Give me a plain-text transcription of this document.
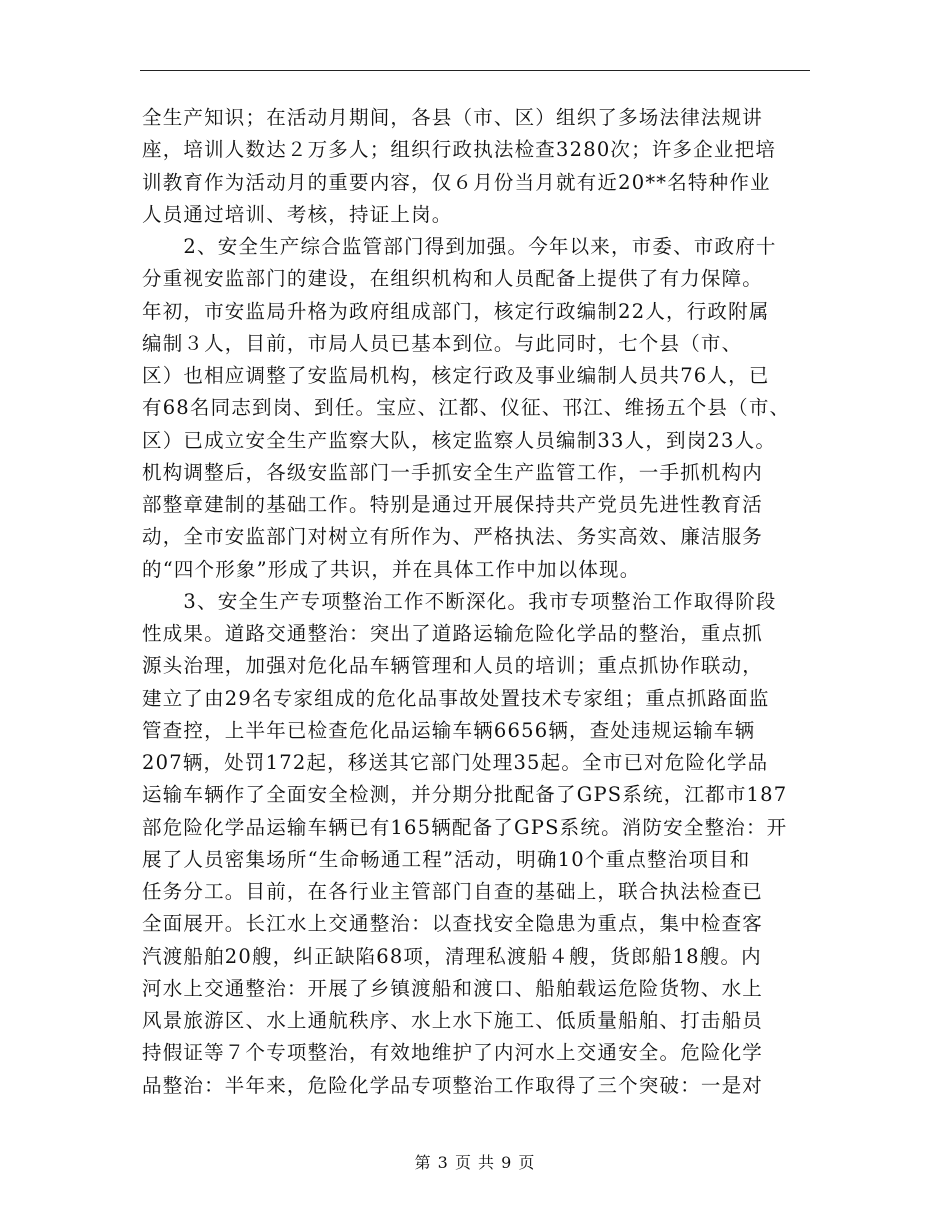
全生产知识；在活动月期间，各县（市、区）组织了多场法律法规讲
座，培训人数达２万多人；组织行政执法检查3280次；许多企业把培
训教育作为活动月的重要内容，仅６月份当月就有近20**名特种作业
人员通过培训、考核，持证上岗。
　　2、安全生产综合监管部门得到加强。今年以来，市委、市政府十
分重视安监部门的建设，在组织机构和人员配备上提供了有力保障。
年初，市安监局升格为政府组成部门，核定行政编制22人，行政附属
编制３人，目前，市局人员已基本到位。与此同时，七个县（市、
区）也相应调整了安监局机构，核定行政及事业编制人员共76人，已
有68名同志到岗、到任。宝应、江都、仪征、邗江、维扬五个县（市、
区）已成立安全生产监察大队，核定监察人员编制33人，到岗23人。
机构调整后，各级安监部门一手抓安全生产监管工作，一手抓机构内
部整章建制的基础工作。特别是通过开展保持共产党员先进性教育活
动，全市安监部门对树立有所作为、严格执法、务实高效、廉洁服务
的“四个形象”形成了共识，并在具体工作中加以体现。
　　3、安全生产专项整治工作不断深化。我市专项整治工作取得阶段
性成果。道路交通整治：突出了道路运输危险化学品的整治，重点抓
源头治理，加强对危化品车辆管理和人员的培训；重点抓协作联动，
建立了由29名专家组成的危化品事故处置技术专家组；重点抓路面监
管查控，上半年已检查危化品运输车辆6656辆，查处违规运输车辆
207辆，处罚172起，移送其它部门处理35起。全市已对危险化学品
运输车辆作了全面安全检测，并分期分批配备了GPS系统，江都市187
部危险化学品运输车辆已有165辆配备了GPS系统。消防安全整治：开
展了人员密集场所“生命畅通工程”活动，明确10个重点整治项目和
任务分工。目前，在各行业主管部门自查的基础上，联合执法检查已
全面展开。长江水上交通整治：以查找安全隐患为重点，集中检查客
汽渡船舶20艘，纠正缺陷68项，清理私渡船４艘，货郎船18艘。内
河水上交通整治：开展了乡镇渡船和渡口、船舶载运危险货物、水上
风景旅游区、水上通航秩序、水上水下施工、低质量船舶、打击船员
持假证等７个专项整治，有效地维护了内河水上交通安全。危险化学
品整治：半年来，危险化学品专项整治工作取得了三个突破：一是对
第 3 页 共 9 页
